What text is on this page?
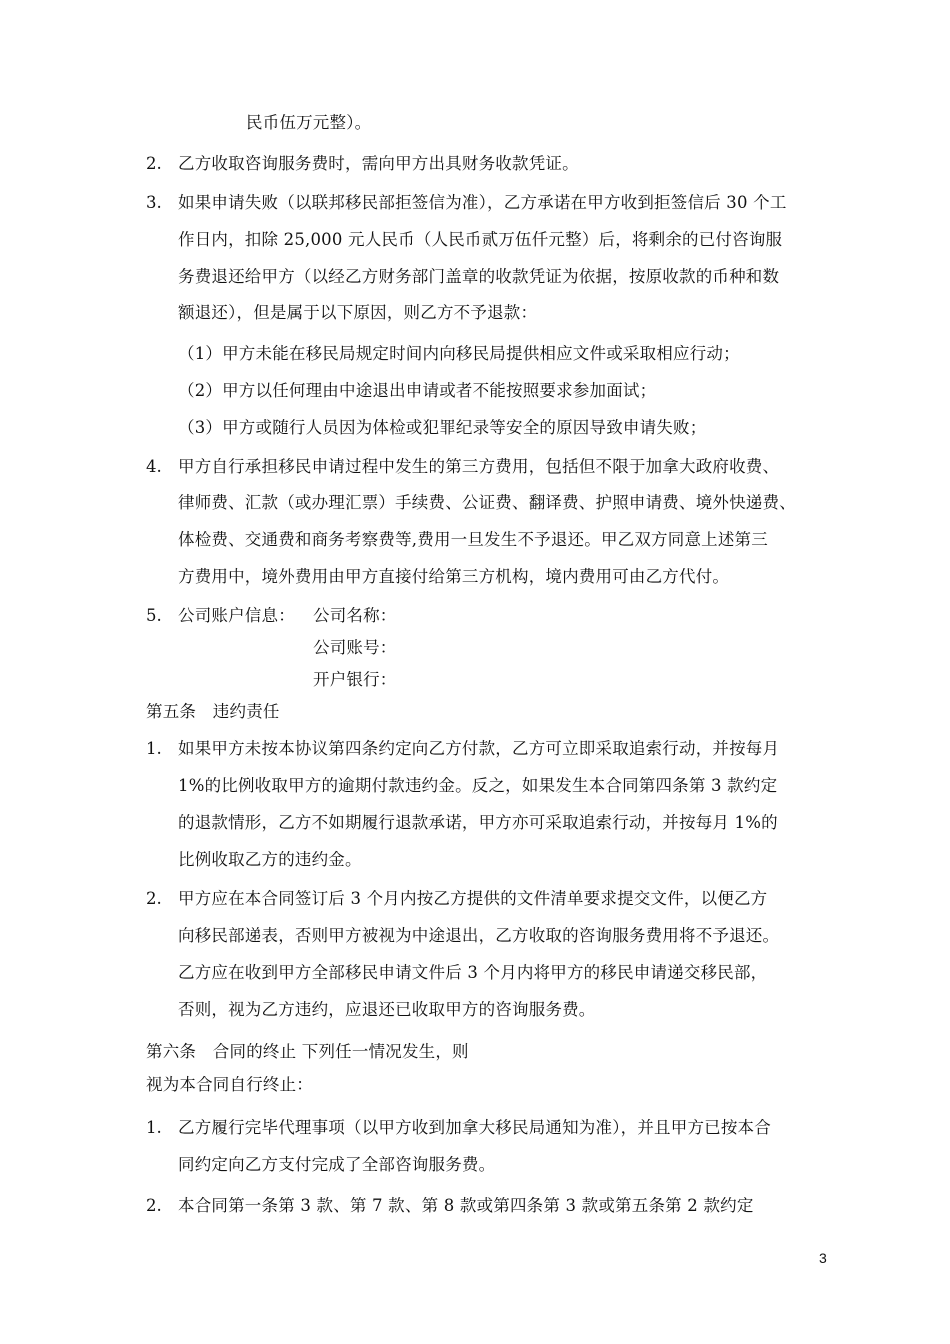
民币伍万元整）。
2. 乙方收取咨询服务费时，需向甲方出具财务收款凭证。
3. 如果申请失败（以联邦移民部拒签信为准），乙方承诺在甲方收到拒签信后 30 个工
作日内，扣除 25,000 元人民币（人民币贰万伍仟元整）后，将剩余的已付咨询服
务费退还给甲方（以经乙方财务部门盖章的收款凭证为依据，按原收款的币种和数
额退还），但是属于以下原因，则乙方不予退款：
（1）甲方未能在移民局规定时间内向移民局提供相应文件或采取相应行动；
（2）甲方以任何理由中途退出申请或者不能按照要求参加面试；
（3）甲方或随行人员因为体检或犯罪纪录等安全的原因导致申请失败；
4. 甲方自行承担移民申请过程中发生的第三方费用，包括但不限于加拿大政府收费、
律师费、汇款（或办理汇票）手续费、公证费、翻译费、护照申请费、境外快递费、
体检费、交通费和商务考察费等,费用一旦发生不予退还。甲乙双方同意上述第三
方费用中，境外费用由甲方直接付给第三方机构，境内费用可由乙方代付。
5. 公司账户信息： 公司名称：
公司账号：
开户银行：
第五条　违约责任
1. 如果甲方未按本协议第四条约定向乙方付款，乙方可立即采取追索行动，并按每月
1%的比例收取甲方的逾期付款违约金。反之，如果发生本合同第四条第 3 款约定
的退款情形，乙方不如期履行退款承诺，甲方亦可采取追索行动，并按每月 1%的
比例收取乙方的违约金。
2. 甲方应在本合同签订后 3 个月内按乙方提供的文件清单要求提交文件，以便乙方
向移民部递表，否则甲方被视为中途退出，乙方收取的咨询服务费用将不予退还。
乙方应在收到甲方全部移民申请文件后 3 个月内将甲方的移民申请递交移民部，
否则，视为乙方违约，应退还已收取甲方的咨询服务费。
第六条　合同的终止 下列任一情况发生，则
视为本合同自行终止：
1. 乙方履行完毕代理事项（以甲方收到加拿大移民局通知为准），并且甲方已按本合
同约定向乙方支付完成了全部咨询服务费。
2. 本合同第一条第 3 款、第 7 款、第 8 款或第四条第 3 款或第五条第 2 款约定
3
